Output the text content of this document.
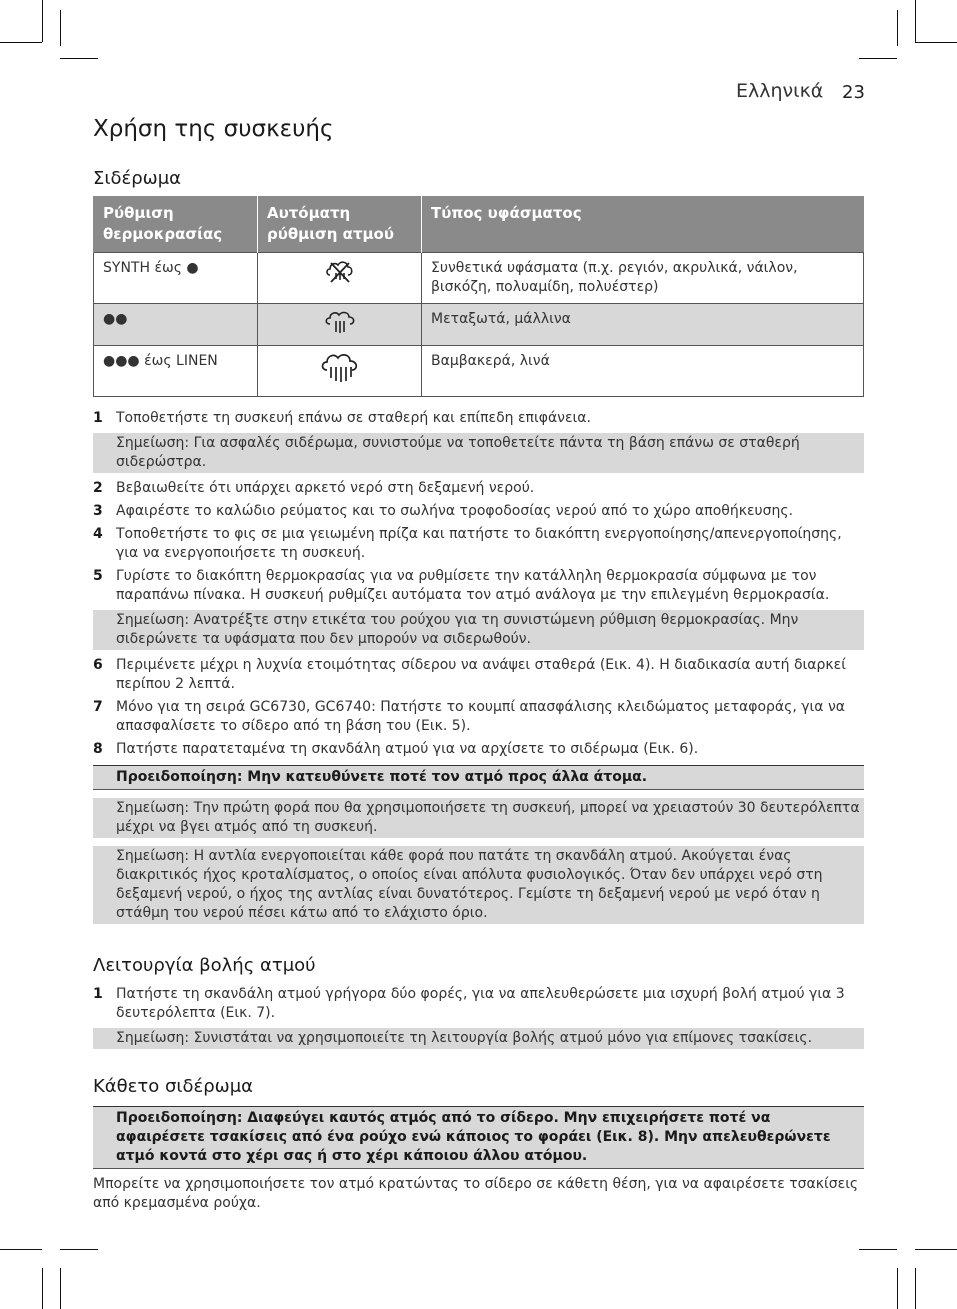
Ελληνικά 23
Χρήση της συσκευής
Σιδέρωμα
Ρύθμιση θερμοκρασίας	Αυτόματη ρύθμιση ατμού	Τύπος υφάσματος
SYNTH έως ●		Συνθετικά υφάσματα (π.χ. ρεγιόν, ακρυλικά, νάιλον, βισκόζη, πολυαμίδη, πολυέστερ)
●●		Μεταξωτά, μάλλινα
●●● έως LINEN		Βαμβακερά, λινά
1 Τοποθετήστε τη συσκευή επάνω σε σταθερή και επίπεδη επιφάνεια.
Σημείωση: Για ασφαλές σιδέρωμα, συνιστούμε να τοποθετείτε πάντα τη βάση επάνω σε σταθερή σιδερώστρα.
2 Βεβαιωθείτε ότι υπάρχει αρκετό νερό στη δεξαμενή νερού.
3 Αφαιρέστε το καλώδιο ρεύματος και το σωλήνα τροφοδοσίας νερού από το χώρο αποθήκευσης.
4 Τοποθετήστε το φις σε μια γειωμένη πρίζα και πατήστε το διακόπτη ενεργοποίησης/απενεργοποίησης, για να ενεργοποιήσετε τη συσκευή.
5 Γυρίστε το διακόπτη θερμοκρασίας για να ρυθμίσετε την κατάλληλη θερμοκρασία σύμφωνα με τον παραπάνω πίνακα. Η συσκευή ρυθμίζει αυτόματα τον ατμό ανάλογα με την επιλεγμένη θερμοκρασία.
Σημείωση: Ανατρέξτε στην ετικέτα του ρούχου για τη συνιστώμενη ρύθμιση θερμοκρασίας. Μην σιδερώνετε τα υφάσματα που δεν μπορούν να σιδερωθούν.
6 Περιμένετε μέχρι η λυχνία ετοιμότητας σίδερου να ανάψει σταθερά (Εικ. 4). Η διαδικασία αυτή διαρκεί περίπου 2 λεπτά.
7 Μόνο για τη σειρά GC6730, GC6740: Πατήστε το κουμπί απασφάλισης κλειδώματος μεταφοράς, για να απασφαλίσετε το σίδερο από τη βάση του (Εικ. 5).
8 Πατήστε παρατεταμένα τη σκανδάλη ατμού για να αρχίσετε το σιδέρωμα (Εικ. 6).
Προειδοποίηση: Μην κατευθύνετε ποτέ τον ατμό προς άλλα άτομα.
Σημείωση: Την πρώτη φορά που θα χρησιμοποιήσετε τη συσκευή, μπορεί να χρειαστούν 30 δευτερόλεπτα μέχρι να βγει ατμός από τη συσκευή.
Σημείωση: Η αντλία ενεργοποιείται κάθε φορά που πατάτε τη σκανδάλη ατμού. Ακούγεται ένας διακριτικός ήχος κροταλίσματος, ο οποίος είναι απόλυτα φυσιολογικός. Όταν δεν υπάρχει νερό στη δεξαμενή νερού, ο ήχος της αντλίας είναι δυνατότερος. Γεμίστε τη δεξαμενή νερού με νερό όταν η στάθμη του νερού πέσει κάτω από το ελάχιστο όριο.
Λειτουργία βολής ατμού
1 Πατήστε τη σκανδάλη ατμού γρήγορα δύο φορές, για να απελευθερώσετε μια ισχυρή βολή ατμού για 3 δευτερόλεπτα (Εικ. 7).
Σημείωση: Συνιστάται να χρησιμοποιείτε τη λειτουργία βολής ατμού μόνο για επίμονες τσακίσεις.
Κάθετο σιδέρωμα
Προειδοποίηση: Διαφεύγει καυτός ατμός από το σίδερο. Μην επιχειρήσετε ποτέ να αφαιρέσετε τσακίσεις από ένα ρούχο ενώ κάποιος το φοράει (Εικ. 8). Μην απελευθερώνετε ατμό κοντά στο χέρι σας ή στο χέρι κάποιου άλλου ατόμου.
Μπορείτε να χρησιμοποιήσετε τον ατμό κρατώντας το σίδερο σε κάθετη θέση, για να αφαιρέσετε τσακίσεις από κρεμασμένα ρούχα.
